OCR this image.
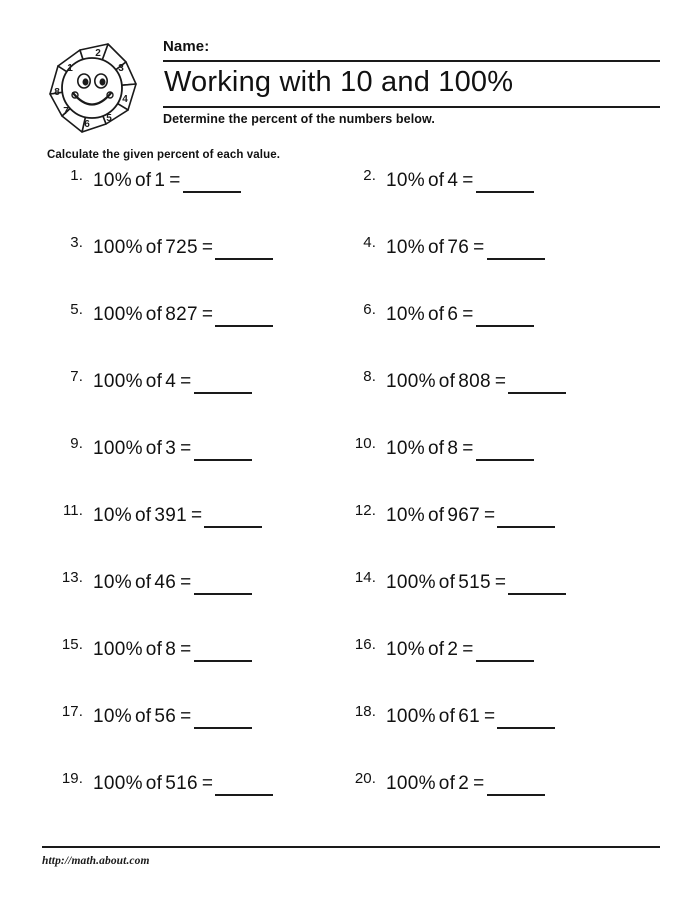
1
2
3
4
5
6
7
8
Name:
Working with 10 and 100%
Determine the percent of the numbers below.
Calculate the given percent of each value.
1. 10% of 1 =	2. 10% of 4 =
3. 100% of 725 =	4. 10% of 76 =
5. 100% of 827 =	6. 10% of 6 =
7. 100% of 4 =	8. 100% of 808 =
9. 100% of 3 =	10. 10% of 8 =
11. 10% of 391 =	12. 10% of 967 =
13. 10% of 46 =	14. 100% of 515 =
15. 100% of 8 =	16. 10% of 2 =
17. 10% of 56 =	18. 100% of 61 =
19. 100% of 516 =	20. 100% of 2 =
http://math.about.com
